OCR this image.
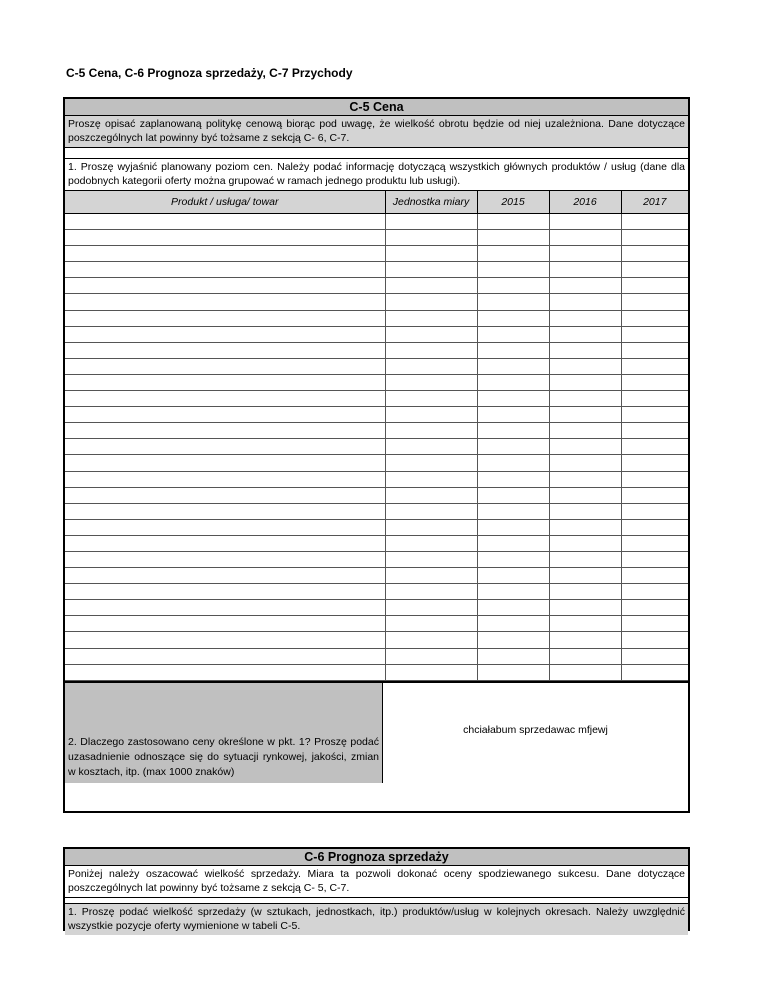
C-5 Cena, C-6 Prognoza sprzedaży, C-7 Przychody
C-5 Cena
Proszę opisać zaplanowaną politykę cenową biorąc pod uwagę, że wielkość obrotu będzie od niej uzależniona. Dane dotyczące poszczególnych lat powinny być tożsame z sekcją C- 6, C-7.
1. Proszę wyjaśnić planowany poziom cen. Należy podać informację dotyczącą wszystkich głównych produktów / usług (dane dla podobnych kategorii oferty można grupować w ramach jednego produktu lub usługi).
Produkt / usługa/ towar	Jednostka miary	2015	2016	2017

2. Dlaczego zastosowano ceny określone w pkt. 1? Proszę podać uzasadnienie odnoszące się do sytuacji rynkowej, jakości, zmian w kosztach, itp. (max 1000 znaków)
chciałabum sprzedawac mfjewj
C-6 Prognoza sprzedaży
Poniżej należy oszacować wielkość sprzedaży. Miara ta pozwoli dokonać oceny spodziewanego sukcesu. Dane dotyczące poszczególnych lat powinny być tożsame z sekcją C- 5, C-7.
1. Proszę podać wielkość sprzedaży (w sztukach, jednostkach, itp.) produktów/usług w kolejnych okresach. Należy uwzględnić wszystkie pozycje oferty wymienione w tabeli C-5.
